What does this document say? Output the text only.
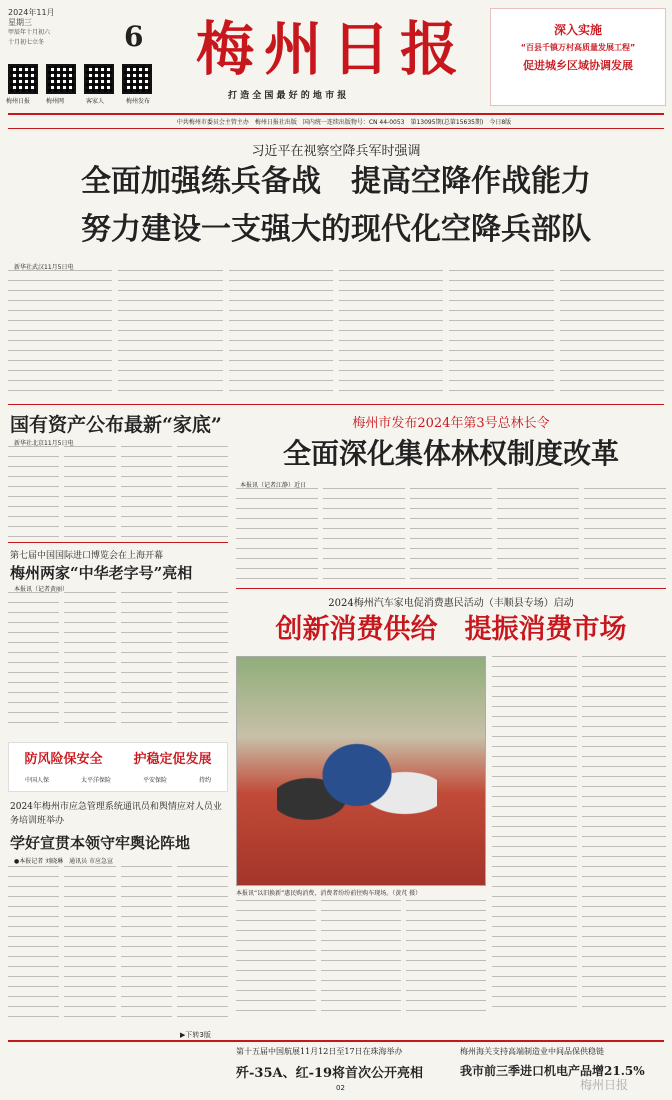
2024年11月
星期三
甲辰年十月初六
十月初七立冬	6
梅州日报	梅州网	客家人	梅州发布
梅州日报
打 造 全 国 最 好 的 地 市 报
深入实施
“百县千镇万村高质量发展工程”
促进城乡区域协调发展
中共梅州市委员会主管主办　梅州日报社出版　国内统一连续出版物号：CN 44-0053　第13095期(总第15635期)　今日8版
习近平在视察空降兵军时强调
全面加强练兵备战　提高空降作战能力
努力建设一支强大的现代化空降兵部队
新华社武汉11月5日电
国有资产公布最新“家底”
新华社北京11月5日电
梅州市发布2024年第3号总林长令
全面深化集体林权制度改革
本报讯（记者江静）近日
第七届中国国际进口博览会在上海开幕
梅州两家“中华老字号”亮相
本报讯（记者黄丽）
2024梅州汽车家电促消费惠民活动（丰顺县专场）启动
创新消费供给　提振消费市场
防风险保安全 护稳定促发展
中国人保	太平洋保险	平安保险	持约
2024年梅州市应急管理系统通讯员和舆情应对人员业务培训班举办
学好宣贯本领守牢舆论阵地
●本报记者 刘晓琳　通讯员 市应急宣
本报讯“以旧换新”惠民购消费，消费者纷纷前往购车现场。（黄芃 摄）
▶下转3版
第十五届中国航展11月12日至17日在珠海举办
歼-35A、红-19将首次公开亮相
02
梅州海关支持高端制造业中间品保供稳链
我市前三季进口机电产品增21.5%
梅州日报
